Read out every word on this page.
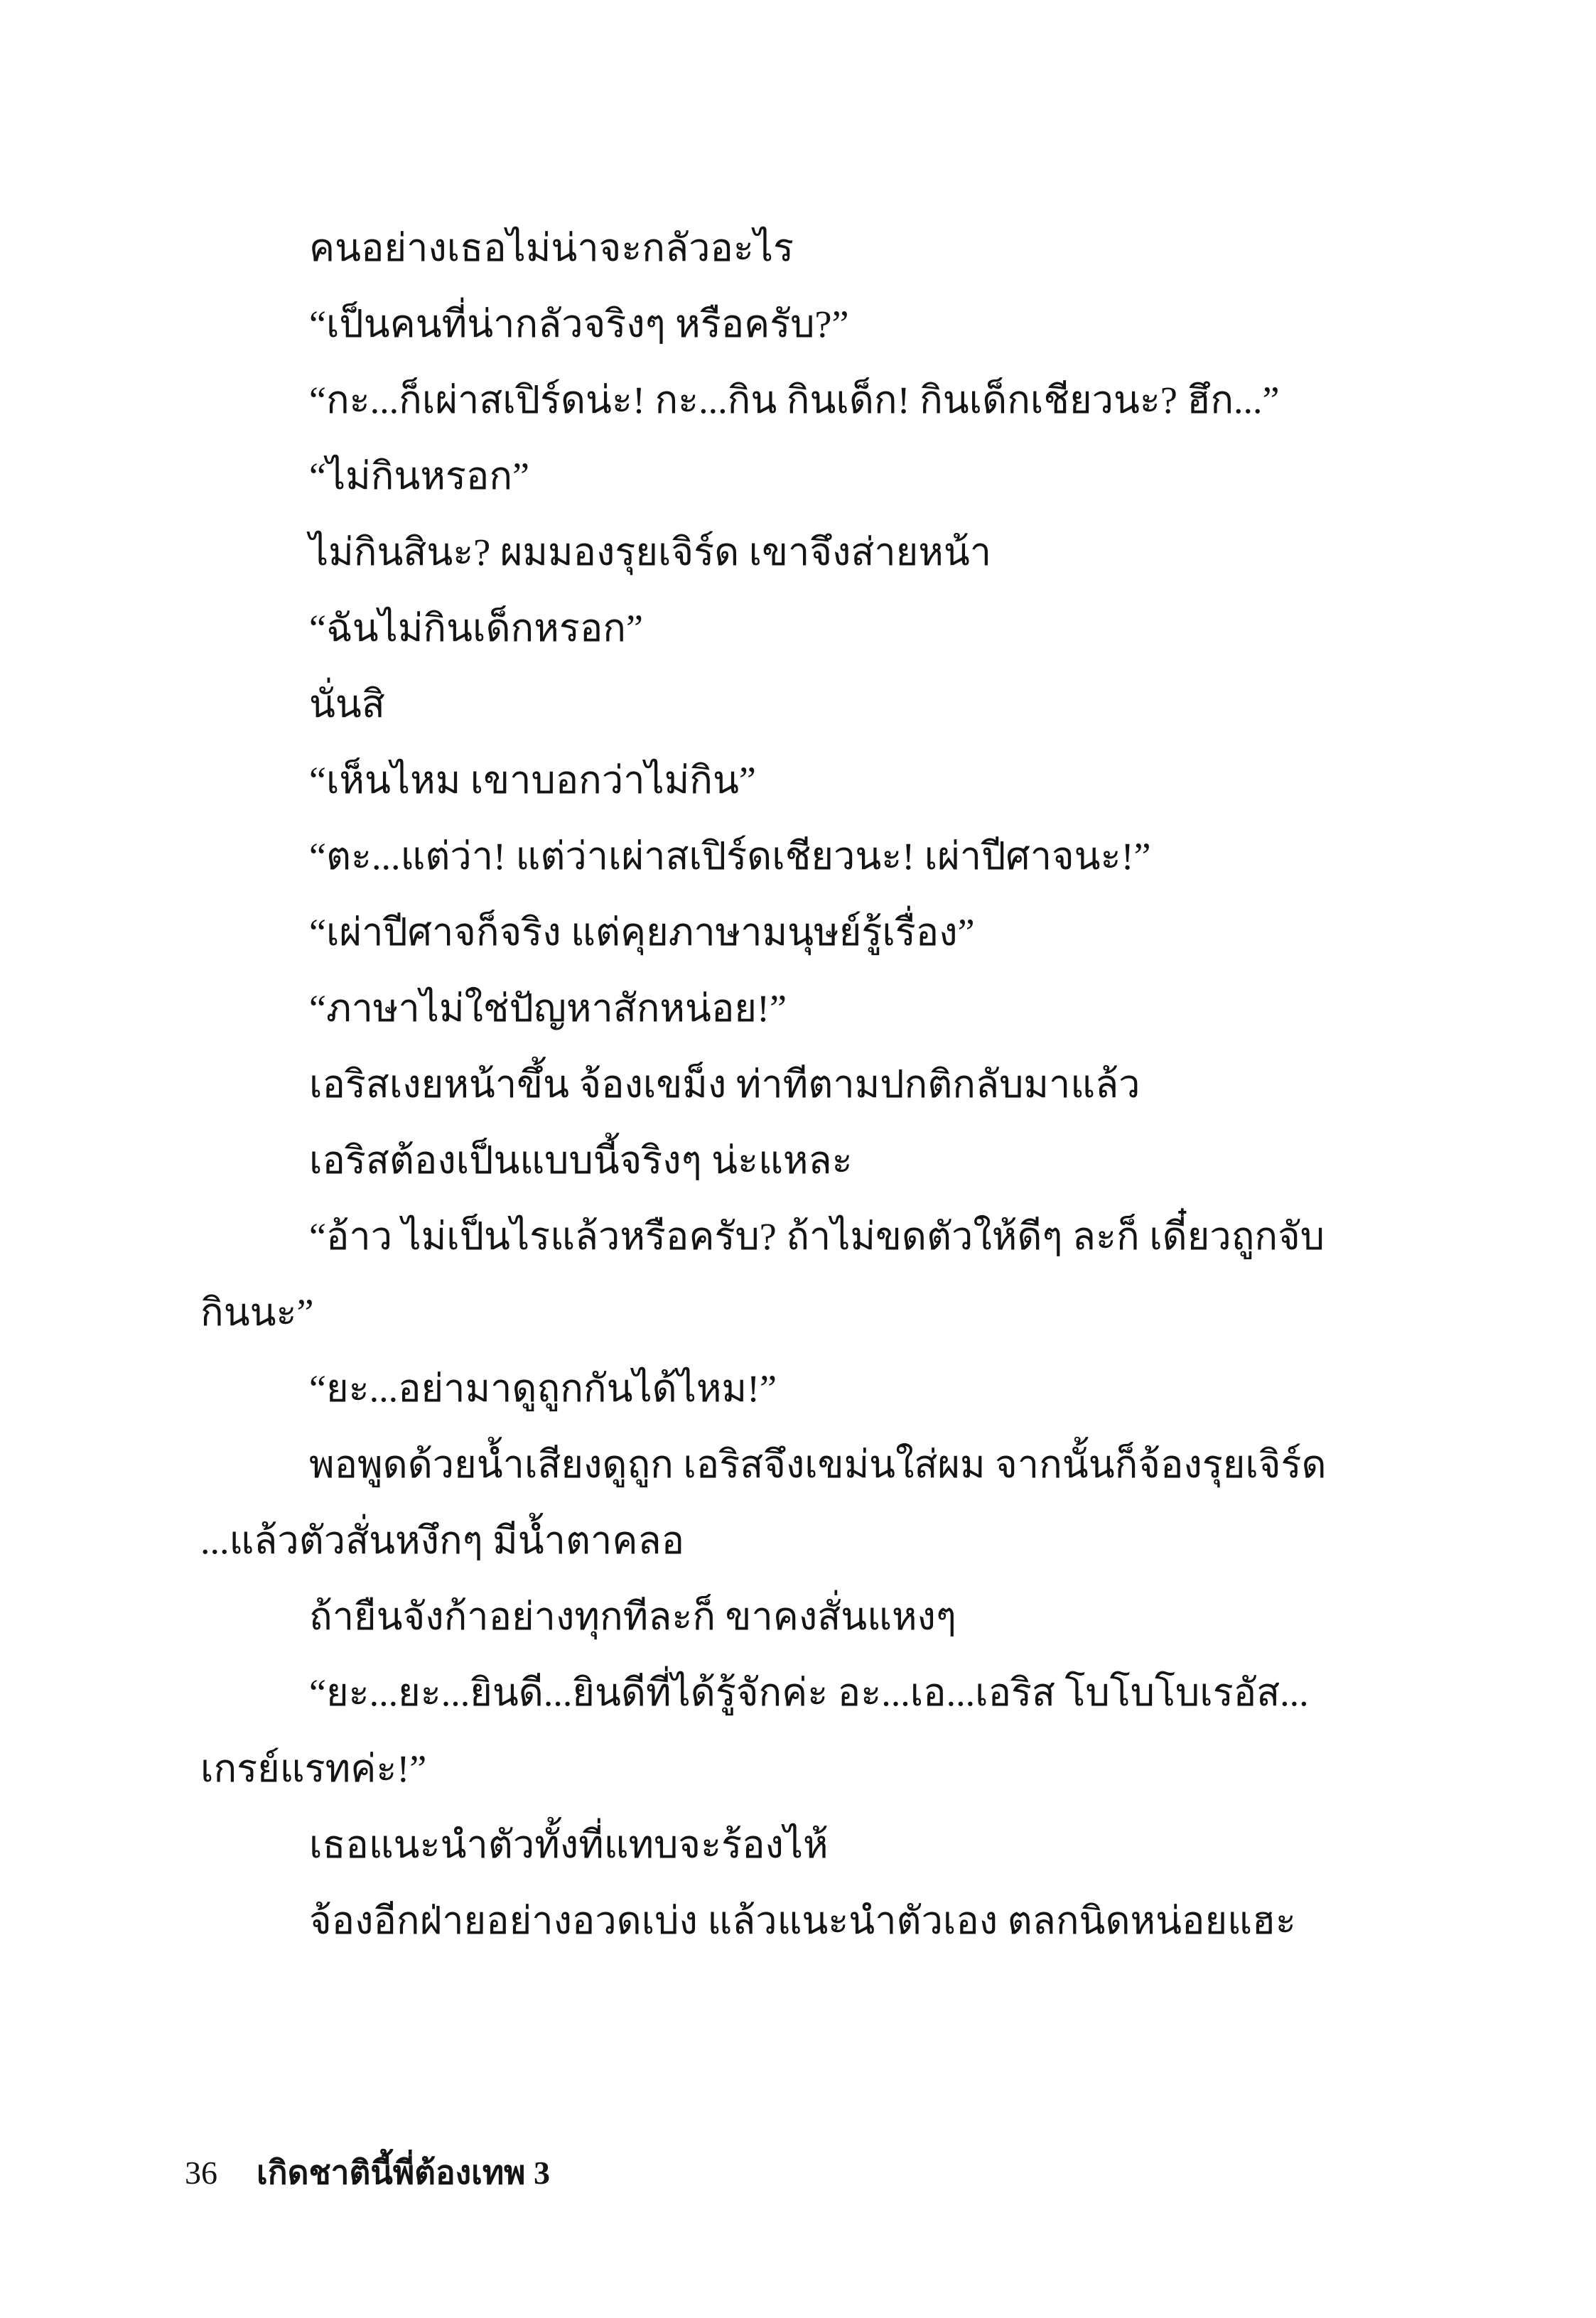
คนอย่างเธอไม่น่าจะกลัวอะไร
“เป็นคนที่น่ากลัวจริงๆ หรือครับ?”
“กะ...ก็เผ่าสเปิร์ดน่ะ! กะ...กิน กินเด็ก! กินเด็กเชียวนะ? ฮึก...”
“ไม่กินหรอก”
ไม่กินสินะ? ผมมองรุยเจิร์ด เขาจึงส่ายหน้า
“ฉันไม่กินเด็กหรอก”
นั่นสิ
“เห็นไหม เขาบอกว่าไม่กิน”
“ตะ...แต่ว่า! แต่ว่าเผ่าสเปิร์ดเชียวนะ! เผ่าปีศาจนะ!”
“เผ่าปีศาจก็จริง แต่คุยภาษามนุษย์รู้เรื่อง”
“ภาษาไม่ใช่ปัญหาสักหน่อย!”
เอริสเงยหน้าขึ้น จ้องเขม็ง ท่าทีตามปกติกลับมาแล้ว
เอริสต้องเป็นแบบนี้จริงๆ น่ะแหละ
“อ้าว ไม่เป็นไรแล้วหรือครับ? ถ้าไม่ขดตัวให้ดีๆ ละก็ เดี๋ยวถูกจับ
กินนะ”
“ยะ...อย่ามาดูถูกกันได้ไหม!”
พอพูดด้วยน้ำเสียงดูถูก เอริสจึงเขม่นใส่ผม จากนั้นก็จ้องรุยเจิร์ด
...แล้วตัวสั่นหงึกๆ มีน้ำตาคลอ
ถ้ายืนจังก้าอย่างทุกทีละก็ ขาคงสั่นแหงๆ
“ยะ...ยะ...ยินดี...ยินดีที่ได้รู้จักค่ะ อะ...เอ...เอริส โบโบโบเรอัส...
เกรย์แรทค่ะ!”
เธอแนะนำตัวทั้งที่แทบจะร้องไห้
จ้องอีกฝ่ายอย่างอวดเบ่ง แล้วแนะนำตัวเอง ตลกนิดหน่อยแฮะ
36 เกิดชาตินี้พี่ต้องเทพ 3
